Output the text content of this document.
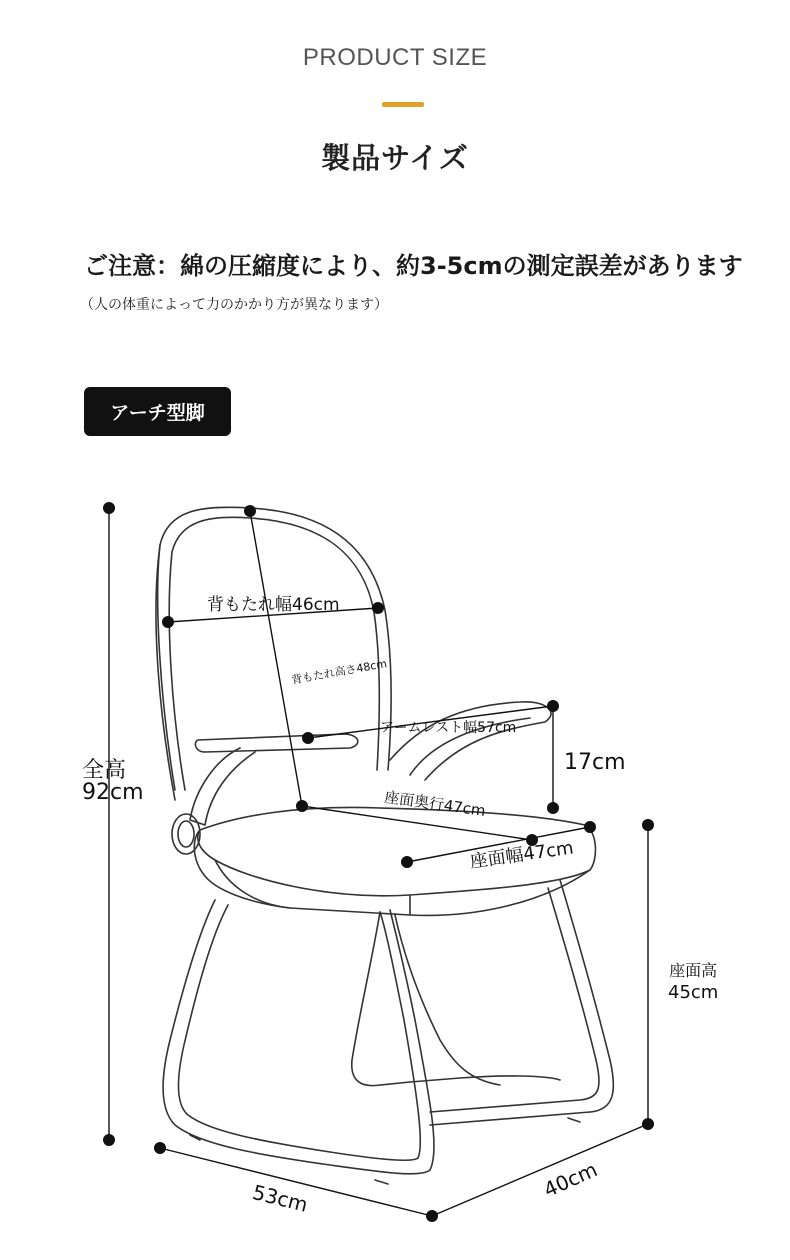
PRODUCT SIZE
製品サイズ
ご注意：綿の圧縮度により、約3-5cmの測定誤差があります
（人の体重によって力のかかり方が異なります）
アーチ型脚
背もたれ幅46cm
背もたれ高さ48cm
アームレスト幅57cm
17cm
座面奥行47cm
座面幅47cm
全高
92cm
座面高
45cm
53cm	40cm
